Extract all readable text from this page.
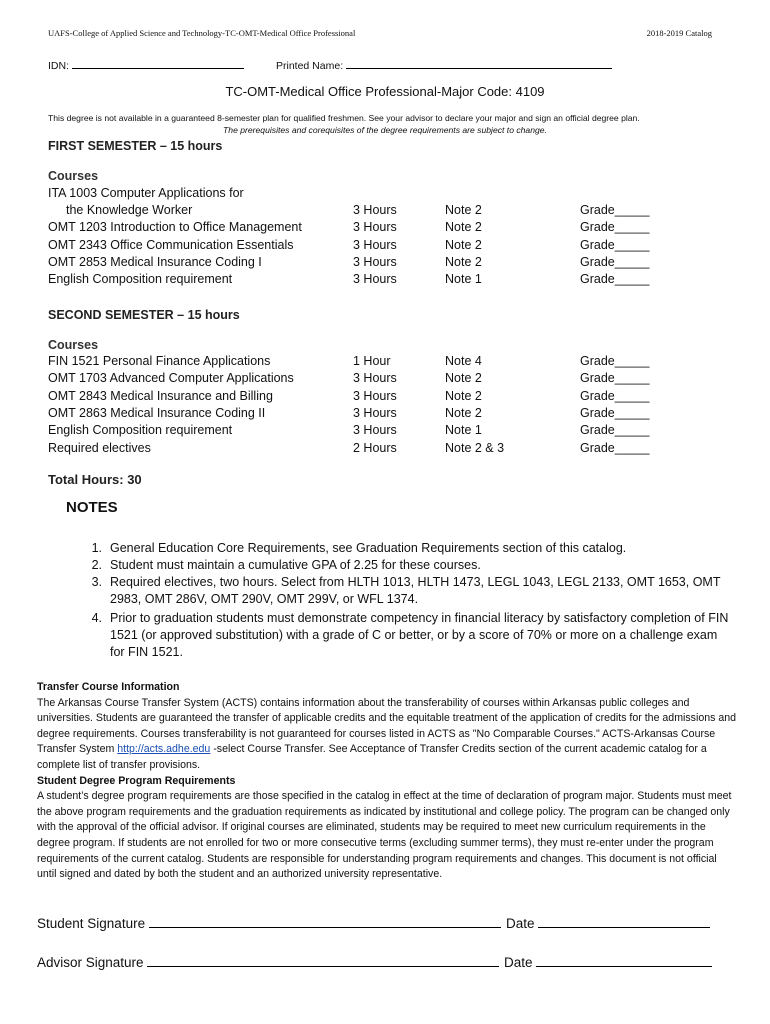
UAFS-College of Applied Science and Technology-TC-OMT-Medical Office Professional	2018-2019 Catalog
IDN:	Printed Name:
TC-OMT-Medical Office Professional-Major Code: 4109
This degree is not available in a guaranteed 8-semester plan for qualified freshmen. See your advisor to declare your major and sign an official degree plan.
The prerequisites and corequisites of the degree requirements are subject to change.
FIRST SEMESTER – 15 hours
Courses
ITA 1003 Computer Applications for
the Knowledge Worker	3 Hours	Note 2	Grade_____
OMT 1203 Introduction to Office Management	3 Hours	Note 2	Grade_____
OMT 2343 Office Communication Essentials	3 Hours	Note 2	Grade_____
OMT 2853 Medical Insurance Coding I	3 Hours	Note 2	Grade_____
English Composition requirement	3 Hours	Note 1	Grade_____
SECOND SEMESTER – 15 hours
Courses
FIN 1521 Personal Finance Applications	1 Hour	Note 4	Grade_____
OMT 1703 Advanced Computer Applications	3 Hours	Note 2	Grade_____
OMT 2843 Medical Insurance and Billing	3 Hours	Note 2	Grade_____
OMT 2863 Medical Insurance Coding II	3 Hours	Note 2	Grade_____
English Composition requirement	3 Hours	Note 1	Grade_____
Required electives	2 Hours	Note 2 & 3	Grade_____
Total Hours: 30
NOTES
1. General Education Core Requirements, see Graduation Requirements section of this catalog.
2. Student must maintain a cumulative GPA of 2.25 for these courses.
3. Required electives, two hours. Select from HLTH 1013, HLTH 1473, LEGL 1043, LEGL 2133, OMT 1653, OMT 2983, OMT 286V, OMT 290V, OMT 299V, or WFL 1374.
4. Prior to graduation students must demonstrate competency in financial literacy by satisfactory completion of FIN 1521 (or approved substitution) with a grade of C or better, or by a score of 70% or more on a challenge exam for FIN 1521.
Transfer Course Information
The Arkansas Course Transfer System (ACTS) contains information about the transferability of courses within Arkansas public colleges and universities. Students are guaranteed the transfer of applicable credits and the equitable treatment of the application of credits for the admissions and degree requirements. Courses transferability is not guaranteed for courses listed in ACTS as "No Comparable Courses." ACTS-Arkansas Course Transfer System http://acts.adhe.edu -select Course Transfer. See Acceptance of Transfer Credits section of the current academic catalog for a complete list of transfer provisions.
Student Degree Program Requirements
A student’s degree program requirements are those specified in the catalog in effect at the time of declaration of program major. Students must meet the above program requirements and the graduation requirements as indicated by institutional and college policy. The program can be changed only with the approval of the official advisor. If original courses are eliminated, students may be required to meet new curriculum requirements in the degree program. If students are not enrolled for two or more consecutive terms (excluding summer terms), they must re-enter under the program requirements of the current catalog. Students are responsible for understanding program requirements and changes. This document is not official until signed and dated by both the student and an authorized university representative.
Student Signature	Date
Advisor Signature	Date
